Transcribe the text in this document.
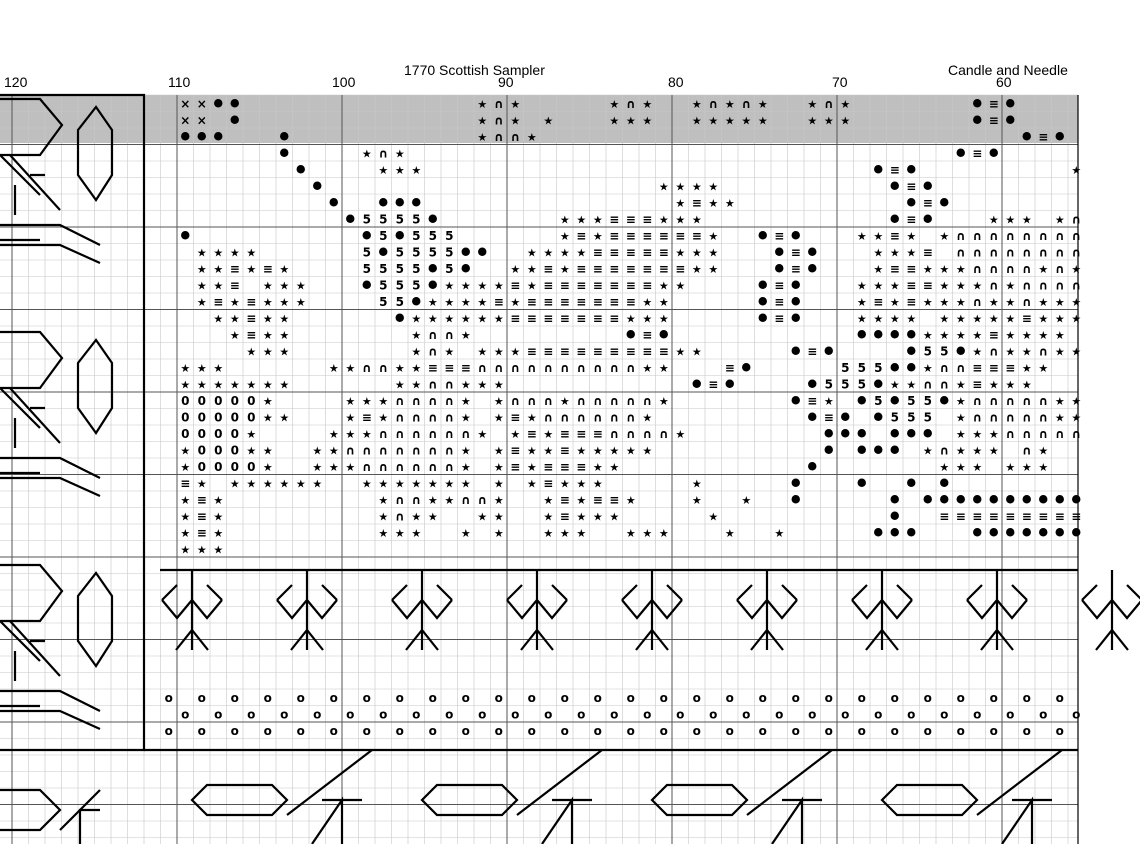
1770 Scottish Sampler	Candle and Needle
120	110	100	90	80	70	60
× ×	★ ∩ ★	★ ∩ ★	★ ∩ ★ ∩ ★	★ ∩ ★	≡
× ×	★ ∩ ★ ★	★ ★ ★	★ ★ ★ ★ ★	★ ★ ★	≡
★ ∩ ∩ ★	≡
★ ∩ ★	≡
★ ★ ★	≡	★
★ ★ ★ ★	≡
★ ≡ ★ ★	≡
5 5 5 5	★ ★ ★ ≡ ≡ ≡ ★ ★ ★	≡	★ ★ ★ ★ ∩
5 5 5 5	★ ≡ ★ ≡ ≡ ≡ ≡ ≡ ≡ ★	≡	★ ★ ≡ ★ ★ ∩ ∩ ∩ ∩ ∩ ∩ ∩ ∩
★ ★ ★ ★	5 5 5 5 5	★ ★ ★ ★ ≡ ≡ ≡ ≡ ≡ ★ ★ ★	≡	★ ★ ★ ≡ ∩ ∩ ∩ ∩ ∩ ∩ ∩ ∩
★ ★ ≡ ★ ≡ ★	5 5 5 5 5	★ ★ ≡ ★ ≡ ≡ ≡ ≡ ≡ ≡ ≡ ★ ★	≡	★ ≡ ≡ ★ ★ ★ ∩ ∩ ∩ ∩ ★ ∩ ★
★ ★ ≡ ★ ★ ★	5 5 5 ★ ★ ★ ★ ≡ ★ ≡ ≡ ≡ ≡ ≡ ≡ ≡ ★ ★	≡	★ ★ ★ ≡ ≡ ★ ★ ★ ∩ ★ ∩ ∩ ∩ ∩
★ ≡ ★ ≡ ★ ★ ★	5 5 ★ ★ ★ ★ ≡ ★ ≡ ≡ ≡ ≡ ≡ ≡ ≡ ★ ★	≡	★ ≡ ★ ≡ ★ ★ ★ ∩ ★ ★ ∩ ★ ★ ★
★ ★ ≡ ★ ★	★ ★ ★ ★ ★ ★ ≡ ≡ ≡ ≡ ≡ ≡ ≡ ★ ★ ★	≡	★ ★ ★ ★ ★ ★ ★ ★ ★ ≡ ★ ★ ★
★ ≡ ★ ★	★ ∩ ∩ ★	≡	★ ★ ★ ★ ≡ ★ ★ ★ ★
★ ★ ★	★ ∩ ★ ★ ★ ★ ≡ ≡ ≡ ≡ ≡ ≡ ≡ ≡ ≡ ★ ★	≡	5 5 ★ ∩ ★ ★ ∩ ★ ★
★ ★ ★	★ ★ ∩ ∩ ★ ★ ≡ ≡ ≡ ∩ ∩ ∩ ∩ ∩ ∩ ∩ ∩ ∩ ∩ ★ ★	≡	5 5 5	★ ∩ ∩ ≡ ≡ ≡ ★ ★
★ ★ ★ ★ ★ ★ ★	★ ★ ∩ ∩ ★ ★ ★	≡	5 5 5 ★ ★ ∩ ∩ ★ ≡ ★ ★ ★
0 0 0 0 0 ★	★ ★ ★ ∩ ∩ ∩ ∩ ★ ★ ∩ ∩ ∩ ★ ∩ ∩ ∩ ∩ ∩ ★	≡ ★	5 5 5 ★ ∩ ∩ ∩ ∩ ∩ ★ ★
0 0 0 0 0 ★ ★	★ ≡ ★ ∩ ∩ ∩ ∩ ★ ★ ≡ ★ ∩ ∩ ∩ ∩ ∩ ∩ ★	≡	5 5 5 ★ ∩ ∩ ∩ ∩ ∩ ★ ★
0 0 0 0 ★	★ ★ ★ ∩ ∩ ∩ ∩ ∩ ∩ ★ ★ ≡ ★ ≡ ≡ ≡ ∩ ∩ ∩ ∩ ★	★ ★ ★ ∩ ∩ ∩ ∩ ∩
★ 0 0 0 ★ ★	★ ★ ∩ ∩ ∩ ∩ ∩ ∩ ∩ ★ ★ ≡ ★ ★ ≡ ★ ★ ★ ★ ★	★ ∩ ★ ★ ★ ∩ ★
★ 0 0 0 0 ★	★ ★ ★ ∩ ∩ ∩ ∩ ∩ ∩ ★ ★ ≡ ★ ≡ ≡ ≡ ★ ★	★ ★ ★ ★ ★ ★
≡ ★ ★ ★ ★ ★ ★ ★	★ ★ ★ ★ ★ ★ ★ ★ ★ ≡ ★ ★ ★	★
★ ≡ ★	★ ∩ ∩ ★ ★ ∩ ∩ ★	★ ≡ ★ ≡ ≡ ★	★	★
★ ≡ ★	★ ∩ ★ ★	★ ★	★ ≡ ★ ★ ★	★	≡ ≡ ≡ ≡ ≡ ≡ ≡ ≡ ≡
★ ≡ ★	★ ★ ★	★ ★	★ ★ ★	★ ★ ★	★	★
★ ★ ★
o o o o o o o o o o o o o o o o o o o o o o o o o o o o
o o o o o o o o o o o o o o o o o o o o o o o o o o o o
o o o o o o o o o o o o o o o o o o o o o o o o o o o o
